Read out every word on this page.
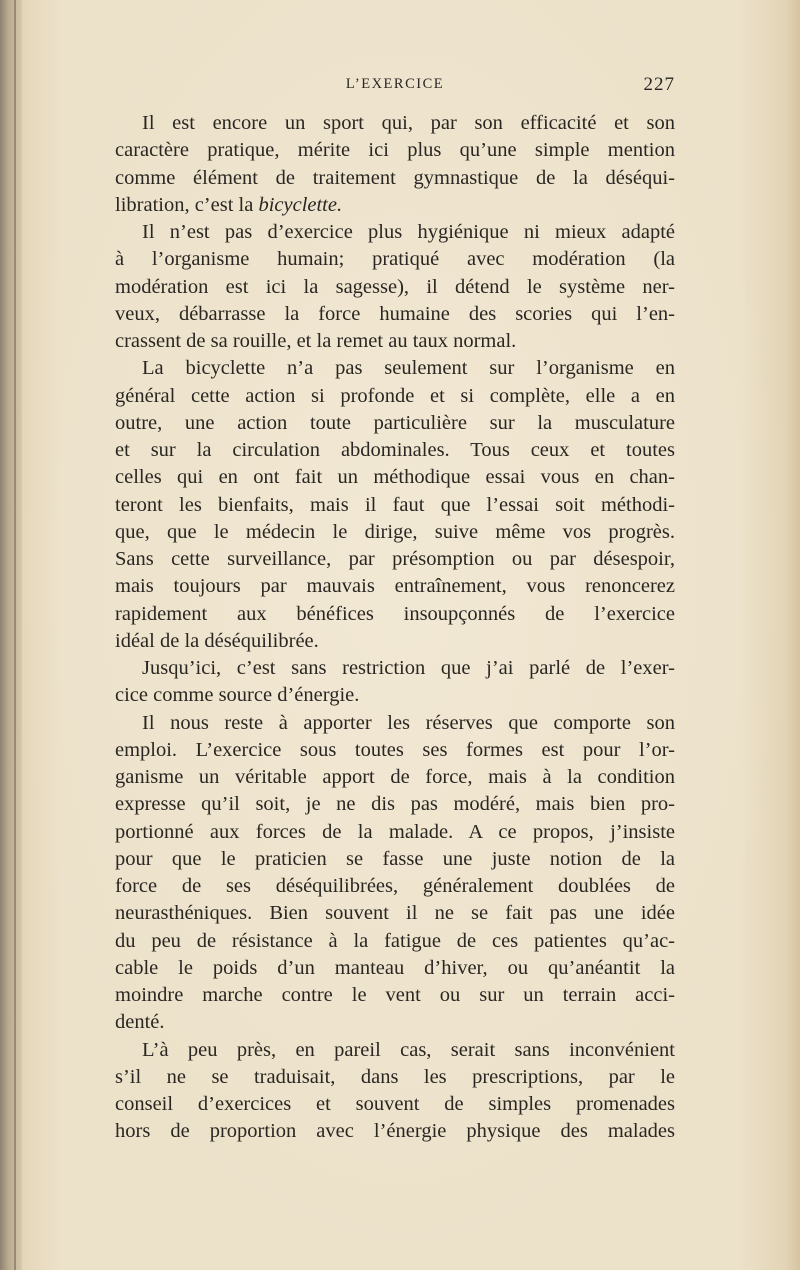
L’EXERCICE	227
Il est encore un sport qui, par son efficacité et son
caractère pratique, mérite ici plus qu’une simple mention
comme élément de traitement gymnastique de la déséqui-
libration, c’est la bicyclette.
Il n’est pas d’exercice plus hygiénique ni mieux adapté
à l’organisme humain; pratiqué avec modération (la
modération est ici la sagesse), il détend le système ner-
veux, débarrasse la force humaine des scories qui l’en-
crassent de sa rouille, et la remet au taux normal.
La bicyclette n’a pas seulement sur l’organisme en
général cette action si profonde et si complète, elle a en
outre, une action toute particulière sur la musculature
et sur la circulation abdominales. Tous ceux et toutes
celles qui en ont fait un méthodique essai vous en chan-
teront les bienfaits, mais il faut que l’essai soit méthodi-
que, que le médecin le dirige, suive même vos progrès.
Sans cette surveillance, par présomption ou par désespoir,
mais toujours par mauvais entraînement, vous renoncerez
rapidement aux bénéfices insoupçonnés de l’exercice
idéal de la déséquilibrée.
Jusqu’ici, c’est sans restriction que j’ai parlé de l’exer-
cice comme source d’énergie.
Il nous reste à apporter les réserves que comporte son
emploi. L’exercice sous toutes ses formes est pour l’or-
ganisme un véritable apport de force, mais à la condition
expresse qu’il soit, je ne dis pas modéré, mais bien pro-
portionné aux forces de la malade. A ce propos, j’insiste
pour que le praticien se fasse une juste notion de la
force de ses déséquilibrées, généralement doublées de
neurasthéniques. Bien souvent il ne se fait pas une idée
du peu de résistance à la fatigue de ces patientes qu’ac-
cable le poids d’un manteau d’hiver, ou qu’anéantit la
moindre marche contre le vent ou sur un terrain acci-
denté.
L’à peu près, en pareil cas, serait sans inconvénient
s’il ne se traduisait, dans les prescriptions, par le
conseil d’exercices et souvent de simples promenades
hors de proportion avec l’énergie physique des malades
